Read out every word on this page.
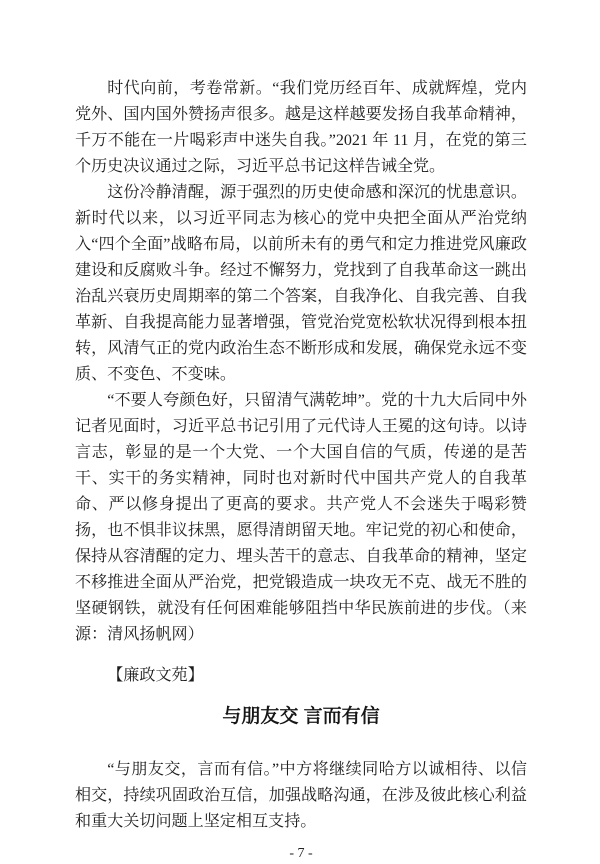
时代向前，考卷常新。“我们党历经百年、成就辉煌，党内党外、国内国外赞扬声很多。越是这样越要发扬自我革命精神，千万不能在一片喝彩声中迷失自我。”2021 年 11 月，在党的第三个历史决议通过之际，习近平总书记这样告诫全党。

这份冷静清醒，源于强烈的历史使命感和深沉的忧患意识。新时代以来，以习近平同志为核心的党中央把全面从严治党纳入“四个全面”战略布局，以前所未有的勇气和定力推进党风廉政建设和反腐败斗争。经过不懈努力，党找到了自我革命这一跳出治乱兴衰历史周期率的第二个答案，自我净化、自我完善、自我革新、自我提高能力显著增强，管党治党宽松软状况得到根本扭转，风清气正的党内政治生态不断形成和发展，确保党永远不变质、不变色、不变味。

“不要人夸颜色好，只留清气满乾坤”。党的十九大后同中外记者见面时，习近平总书记引用了元代诗人王冕的这句诗。以诗言志，彰显的是一个大党、一个大国自信的气质，传递的是苦干、实干的务实精神，同时也对新时代中国共产党人的自我革命、严以修身提出了更高的要求。共产党人不会迷失于喝彩赞扬，也不惧非议抹黑，愿得清朗留天地。牢记党的初心和使命，保持从容清醒的定力、埋头苦干的意志、自我革命的精神，坚定不移推进全面从严治党，把党锻造成一块攻无不克、战无不胜的坚硬钢铁，就没有任何困难能够阻挡中华民族前进的步伐。（来源：清风扬帆网）

【廉政文苑】

与朋友交 言而有信

“与朋友交，言而有信。”中方将继续同哈方以诚相待、以信相交，持续巩固政治互信，加强战略沟通，在涉及彼此核心利益和重大关切问题上坚定相互支持。

- 7 -
